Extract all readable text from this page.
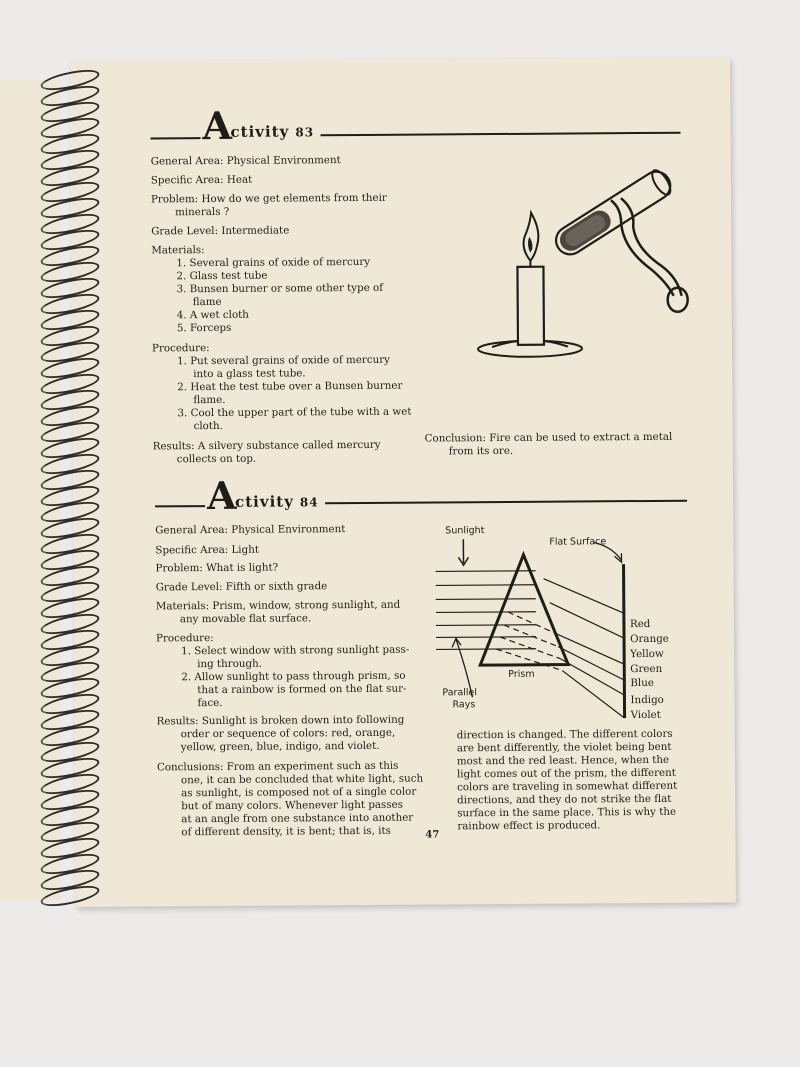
A
ctivity 83
General Area: Physical Environment
Specific Area: Heat
Problem: How do we get elements from their
minerals ?
Grade Level: Intermediate
Materials:
1. Several grains of oxide of mercury
2. Glass test tube
3. Bunsen burner or some other type of
flame
4. A wet cloth
5. Forceps
Procedure:
1. Put several grains of oxide of mercury
into a glass test tube.
2. Heat the test tube over a Bunsen burner
flame.
3. Cool the upper part of the tube with a wet
cloth.
Results: A silvery substance called mercury
collects on top.
Conclusion: Fire can be used to extract a metal
from its ore.
A
ctivity 84
General Area: Physical Environment
Specific Area: Light
Problem: What is light?
Grade Level: Fifth or sixth grade
Materials: Prism, window, strong sunlight, and
any movable flat surface.
Procedure:
1. Select window with strong sunlight pass-
ing through.
2. Allow sunlight to pass through prism, so
that a rainbow is formed on the flat sur-
face.
Results: Sunlight is broken down into following
order or sequence of colors: red, orange,
yellow, green, blue, indigo, and violet.
Conclusions: From an experiment such as this
one, it can be concluded that white light, such
as sunlight, is composed not of a single color
but of many colors. Whenever light passes
at an angle from one substance into another
of different density, it is bent; that is, its
direction is changed. The different colors
are bent differently, the violet being bent
most and the red least. Hence, when the
light comes out of the prism, the different
colors are traveling in somewhat different
directions, and they do not strike the flat
surface in the same place. This is why the
rainbow effect is produced.
Sunlight
Flat Surface
Prism
Parallel
Rays
Red
Orange
Yellow
Green
Blue
Indigo
Violet
47
